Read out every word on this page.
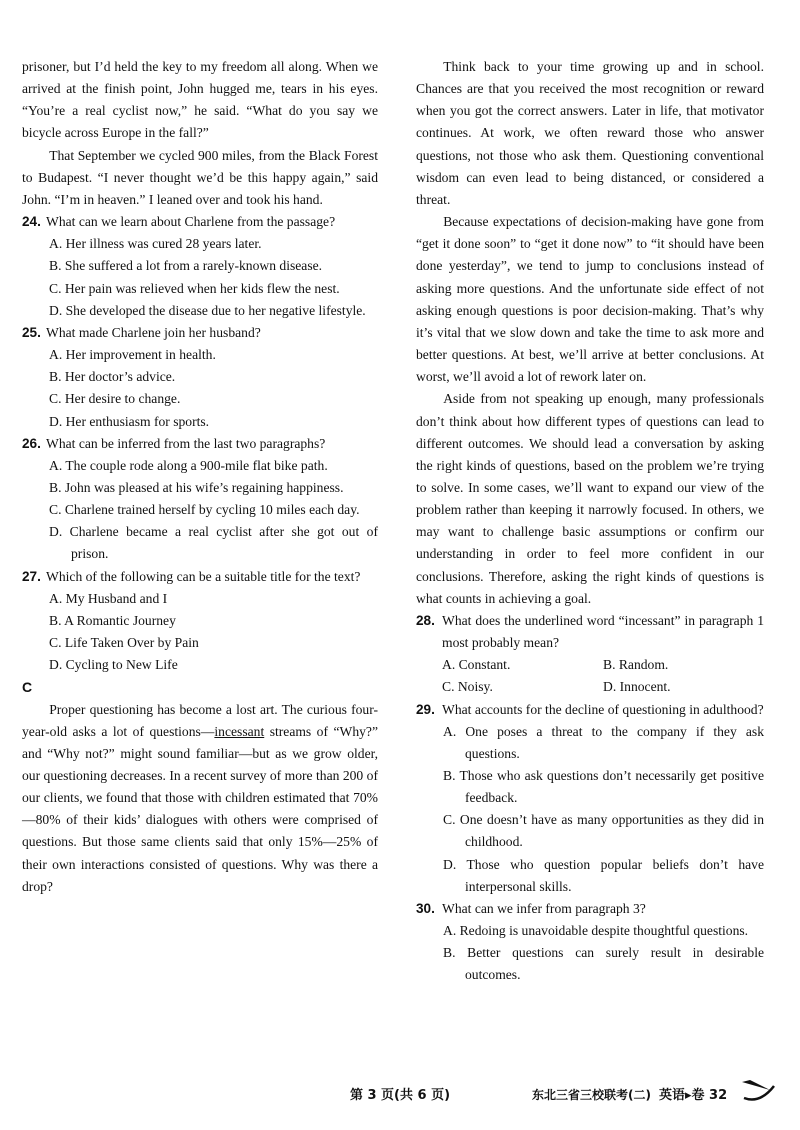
prisoner, but I’d held the key to my freedom all along. When we arrived at the finish point, John hugged me, tears in his eyes. “You’re a real cyclist now,” he said. “What do you say we bicycle across Europe in the fall?”

That September we cycled 900 miles, from the Black Forest to Budapest. “I never thought we’d be this happy again,” said John. “I’m in heaven.” I leaned over and took his hand.

24. What can we learn about Charlene from the passage?

A. Her illness was cured 28 years later.

B. She suffered a lot from a rarely-known disease.

C. Her pain was relieved when her kids flew the nest.

D. She developed the disease due to her negative lifestyle.

25. What made Charlene join her husband?

A. Her improvement in health.

B. Her doctor’s advice.

C. Her desire to change.

D. Her enthusiasm for sports.

26. What can be inferred from the last two paragraphs?

A. The couple rode along a 900-mile flat bike path.

B. John was pleased at his wife’s regaining happiness.

C. Charlene trained herself by cycling 10 miles each day.

D. Charlene became a real cyclist after she got out of prison.

27. Which of the following can be a suitable title for the text?

A. My Husband and I

B. A Romantic Journey

C. Life Taken Over by Pain

D. Cycling to New Life

C

Proper questioning has become a lost art. The curious four-year-old asks a lot of questions—incessant streams of “Why?” and “Why not?” might sound familiar—but as we grow older, our questioning decreases. In a recent survey of more than 200 of our clients, we found that those with children estimated that 70%—80% of their kids’ dialogues with others were comprised of questions. But those same clients said that only 15%—25% of their own interactions consisted of questions. Why was there a drop?

Think back to your time growing up and in school. Chances are that you received the most recognition or reward when you got the correct answers. Later in life, that motivator continues. At work, we often reward those who answer questions, not those who ask them. Questioning conventional wisdom can even lead to being distanced, or considered a threat.

Because expectations of decision-making have gone from “get it done soon” to “get it done now” to “it should have been done yesterday”, we tend to jump to conclusions instead of asking more questions. And the unfortunate side effect of not asking enough questions is poor decision-making. That’s why it’s vital that we slow down and take the time to ask more and better questions. At best, we’ll arrive at better conclusions. At worst, we’ll avoid a lot of rework later on.

Aside from not speaking up enough, many professionals don’t think about how different types of questions can lead to different outcomes. We should lead a conversation by asking the right kinds of questions, based on the problem we’re trying to solve. In some cases, we’ll want to expand our view of the problem rather than keeping it narrowly focused. In others, we may want to challenge basic assumptions or confirm our understanding in order to feel more confident in our conclusions. Therefore, asking the right kinds of questions is what counts in achieving a goal.

28. What does the underlined word “incessant” in paragraph 1 most probably mean?

A. Constant.	B. Random.
C. Noisy.	D. Innocent.

29. What accounts for the decline of questioning in adulthood?

A. One poses a threat to the company if they ask questions.

B. Those who ask questions don’t necessarily get positive feedback.

C. One doesn’t have as many opportunities as they did in childhood.

D. Those who question popular beliefs don’t have interpersonal skills.

30. What can we infer from paragraph 3?

A. Redoing is unavoidable despite thoughtful questions.

B. Better questions can surely result in desirable outcomes.

第 3 页(共 6 页)	东北三省三校联考(二) 英语▸卷 32
